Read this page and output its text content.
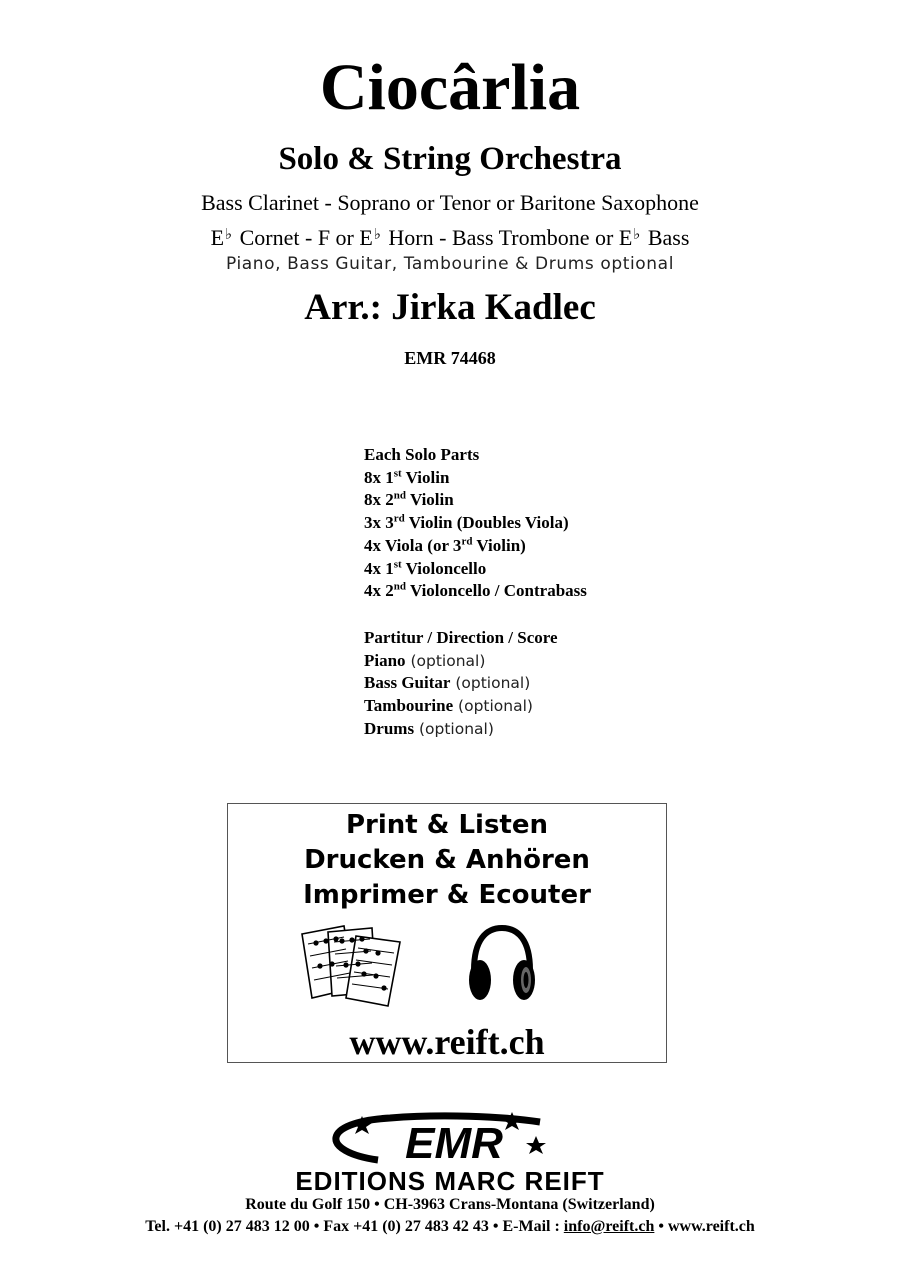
Ciocârlia
Solo & String Orchestra
Bass Clarinet - Soprano or Tenor or Baritone Saxophone
E♭ Cornet - F or E♭ Horn - Bass Trombone or E♭ Bass
Piano, Bass Guitar, Tambourine & Drums optional
Arr.: Jirka Kadlec
EMR 74468
Each Solo Parts
8x 1st Violin
8x 2nd Violin
3x 3rd Violin (Doubles Viola)
4x Viola (or 3rd Violin)
4x 1st Violoncello
4x 2nd Violoncello / Contrabass
Partitur / Direction / Score
Piano (optional)
Bass Guitar (optional)
Tambourine (optional)
Drums (optional)
Print & Listen
Drucken & Anhören
Imprimer & Ecouter
www.reift.ch
EMR
EDITIONS MARC REIFT
Route du Golf 150 • CH-3963 Crans-Montana (Switzerland)
Tel. +41 (0) 27 483 12 00 • Fax +41 (0) 27 483 42 43 • E-Mail : info@reift.ch • www.reift.ch
